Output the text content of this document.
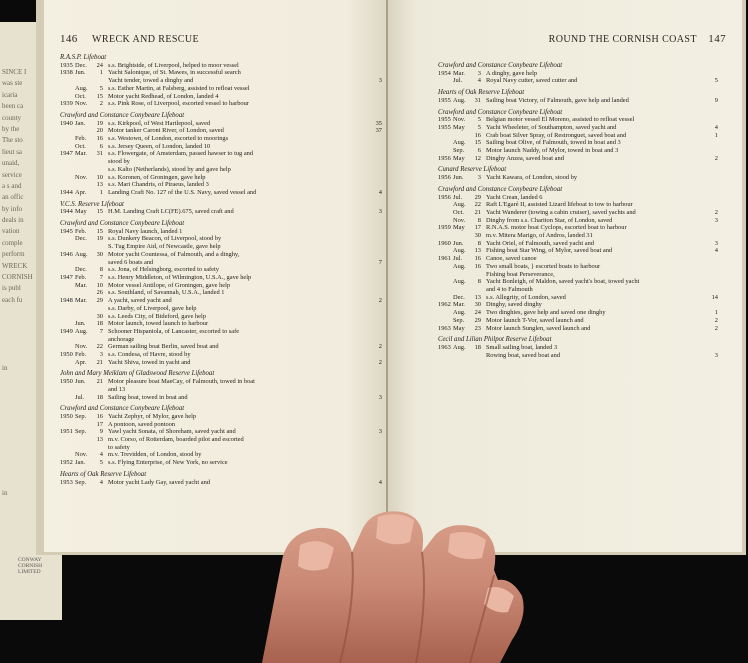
SINCE I
was ste
icaria
been ca
county
by the
The sto
lieut sa
unaid,
service
a s and
an offic
by info
deals in
vation
comple
perform
WRECK
CORNISH
is publ
each fu
in
in
CONWAY
CORNISH
LIMITED
146 WRECK AND RESCUE
R.A.S.P. Lifeboat
1935 Dec.	24 s.s. Brightside, of Liverpool, helped to moor vessel
1938 Jun.	1 Yacht Salonique, of St. Mawes, in successful search
Yacht tender, towed a dinghy and	3
Aug.	5 s.s. Esther Martin, at Falsberg, assisted to refloat vessel
Oct.	15 Motor yacht Redhead, of London, landed 4
1939 Nov.	2 s.s. Pink Rose, of Liverpool, escorted vessel to harbour
Crawford and Constance Conybeare Lifeboat
1940 Jan.	19 s.s. Kirkpool, of West Hartlepool, saved	35
20 Motor tanker Caroni River, of London, saved	37
Feb.	16 s.s. Westown, of London, escorted to moorings
Oct.	6 s.s. Jersey Queen, of London, landed 10
1947 Mar.	31 s.s. Flowergate, of Amsterdam, passed hawser to tug and
stood by
s.s. Kalto (Netherlands), stood by and gave help
Nov.	10 s.s. Koronen, of Groningen, gave help
13 s.s. Mari Chandris, of Piraeus, landed 3
1944 Apr.	1 Landing Craft No. 127 of the U.S. Navy, saved vessel and	4
V.C.S. Reserve Lifeboat
1944 May	15 H.M. Landing Craft LC(FE).675, saved craft and	3
Crawford and Constance Conybeare Lifeboat
1945 Feb.	15 Royal Navy launch, landed 1
Dec.	19 s.s. Dunkery Beacon, of Liverpool, stood by
S. Tug Empire Aid, of Newcastle, gave help
1946 Aug.	30 Motor yacht Countessa, of Falmouth, and a dinghy,
saved 6 boats and	7
Dec.	8 s.s. Jona, of Helsingborg, escorted to safety
1947 Feb.	7 s.s. Henry Middleton, of Wilmington, U.S.A., gave help
Mar.	10 Motor vessel Antilope, of Groningen, gave help
26 s.s. Southland, of Savannah, U.S.A., landed 1
1948 Mar.	29 A yacht, saved yacht and	2
s.s. Darby, of Liverpool, gave help
30 s.s. Leeds City, of Bideford, gave help
Jun.	18 Motor launch, towed launch to harbour
1949 Aug.	7 Schooner Hispaniola, of Lancaster, escorted to safe
anchorage
Nov.	22 German sailing boat Berlin, saved boat and	2
1950 Feb.	3 s.s. Condesa, of Havre, stood by
Apr.	21 Yacht Shiva, towed in yacht and	2
John and Mary Meiklam of Gladswood Reserve Lifeboat
1950 Jun.	21 Motor pleasure boat MaeCay, of Falmouth, towed in boat
and 13
Jul.	18 Sailing boat, towed in boat and	3
Crawford and Constance Conybeare Lifeboat
1950 Sep.	16 Yacht Zephyr, of Mylor, gave help
17 A pontoon, saved pontoon
1951 Sep.	9 Yawl yacht Sonata, of Shoreham, saved yacht and	3
13 m.v. Corso, of Rotterdam, boarded pilot and escorted
to safety
Nov.	4 m.v. Trevidden, of London, stood by
1952 Jan.	5 s.s. Flying Enterprise, of New York, no service
Hearts of Oak Reserve Lifeboat
1953 Sep.	4 Motor yacht Lady Gay, saved yacht and	4
ROUND THE CORNISH COAST 147
Crawford and Constance Conybeare Lifeboat
1954 Mar.	3 A dinghy, gave help
Jul.	4 Royal Navy cutter, saved cutter and	5
Hearts of Oak Reserve Lifeboat
1955 Aug.	31 Sailing boat Victory, of Falmouth, gave help and landed	9
Crawford and Constance Conybeare Lifeboat
1955 Nov.	5 Belgian motor vessel El Moreno, assisted to refloat vessel
1955 May	5 Yacht Wheeleter, of Southampton, saved yacht and	4
16 Crab boat Silver Spray, of Restronguet, saved boat and	1
Aug.	15 Sailing boat Olive, of Falmouth, towed in boat and 3
Sep.	6 Motor launch Naddy, of Mylor, towed in boat and 3
1956 May	12 Dinghy Anzea, saved boat and	2
Cunard Reserve Lifeboat
1956 Jun.	3 Yacht Kawara, of London, stood by
Crawford and Constance Conybeare Lifeboat
1956 Jul.	29 Yacht Crean, landed 6
Aug.	22 Raft L'Egaré II, assisted Lizard lifeboat to tow to harbour
Oct.	21 Yacht Wanderer (towing a cabin cruiser), saved yachts and	2
Nov.	8 Dinghy from s.s. Chariton Star, of London, saved	3
1959 May	17 R.N.A.S. motor boat Cyclops, escorted boat to harbour
30 m.v. Mitera Marigo, of Andros, landed 31
1960 Jun.	8 Yacht Oriel, of Falmouth, saved yacht and	3
Aug.	13 Fishing boat Star Wing, of Mylor, saved boat and	4
1961 Jul.	16 Canoe, saved canoe
Aug.	16 Two small boats, } escorted boats to harbour
Fishing boat Perseverance,
Aug.	8 Yacht Bonleigh, of Maldon, saved yacht's boat, towed yacht
and 4 to Falmouth
Dec.	13 s.s. Allegrity, of London, saved	14
1962 Mar.	30 Dinghy, saved dinghy
Aug.	24 Two dinghies, gave help and saved one dinghy	1
Sep.	29 Motor launch T-Vor, saved launch and	2
1963 May	23 Motor launch Sunglen, saved launch and	2
Cecil and Lilian Philpot Reserve Lifeboat
1963 Aug.	18 Small sailing boat, landed 3
Rowing boat, saved boat and	3
